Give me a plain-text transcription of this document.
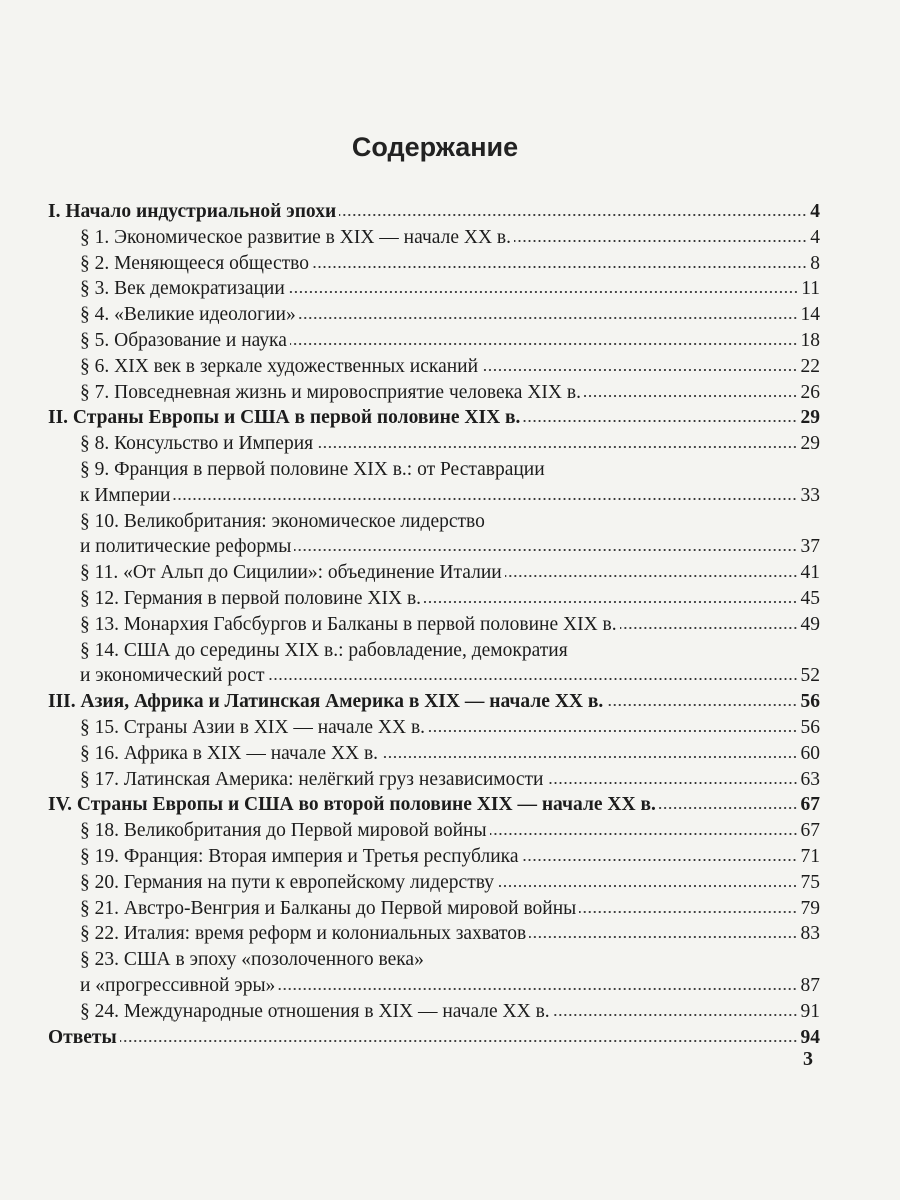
Содержание
I. Начало индустриальной эпохи	4
§ 1. Экономическое развитие в XIX — начале XX в.	4
§ 2. Меняющееся общество	8
§ 3. Век демократизации	11
§ 4. «Великие идеологии»	14
§ 5. Образование и наука	18
§ 6. XIX век в зеркале художественных исканий	22
§ 7. Повседневная жизнь и мировосприятие человека XIX в.	26
II. Страны Европы и США в первой половине XIX в.	29
§ 8. Консульство и Империя	29
§ 9. Франция в первой половине XIX в.: от Реставрации
к Империи	33
§ 10. Великобритания: экономическое лидерство
и политические реформы	37
§ 11. «От Альп до Сицилии»: объединение Италии	41
§ 12. Германия в первой половине XIX в.	45
§ 13. Монархия Габсбургов и Балканы в первой половине XIX в.	49
§ 14. США до середины XIX в.: рабовладение, демократия
и экономический рост	52
III. Азия, Африка и Латинская Америка в XIX — начале XX в.	56
§ 15. Страны Азии в XIX — начале XX в.	56
§ 16. Африка в XIX — начале XX в.	60
§ 17. Латинская Америка: нелёгкий груз независимости	63
IV. Страны Европы и США во второй половине XIX — начале XX в.	67
§ 18. Великобритания до Первой мировой войны	67
§ 19. Франция: Вторая империя и Третья республика	71
§ 20. Германия на пути к европейскому лидерству	75
§ 21. Австро-Венгрия и Балканы до Первой мировой войны	79
§ 22. Италия: время реформ и колониальных захватов	83
§ 23. США в эпоху «позолоченного века»
и «прогрессивной эры»	87
§ 24. Международные отношения в XIX — начале XX в.	91
Ответы	94
3
